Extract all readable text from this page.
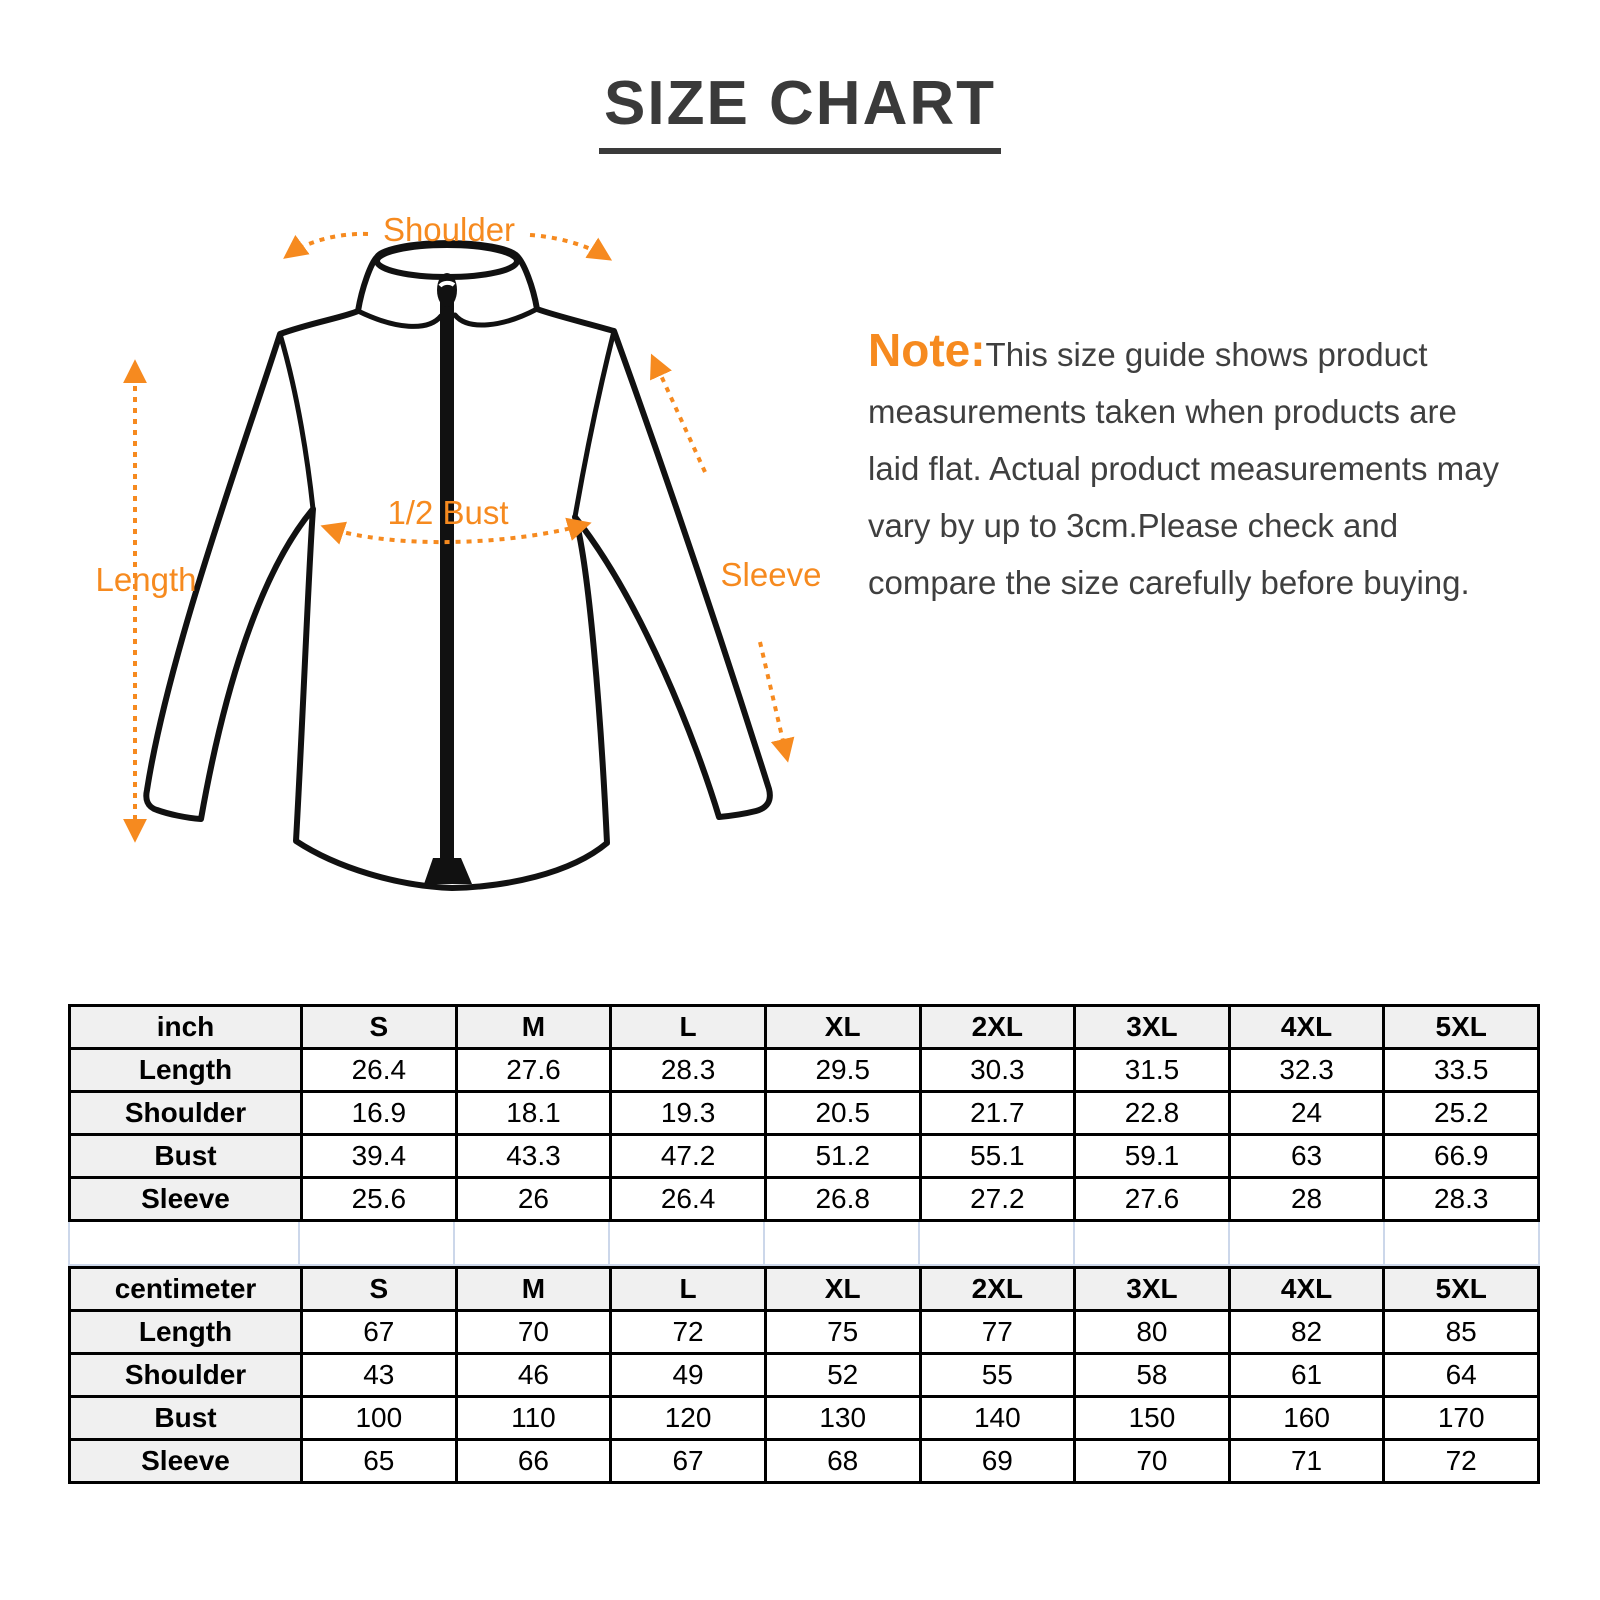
SIZE CHART
Shoulder
Length
1/2 Bust
Sleeve
Note:This size guide shows product measurements taken when products are laid flat. Actual product measurements may vary by up to 3cm.Please check and compare the size carefully before buying.
inch	S	M	L	XL	2XL	3XL	4XL	5XL
Length	26.4	27.6	28.3	29.5	30.3	31.5	32.3	33.5
Shoulder	16.9	18.1	19.3	20.5	21.7	22.8	24	25.2
Bust	39.4	43.3	47.2	51.2	55.1	59.1	63	66.9
Sleeve	25.6	26	26.4	26.8	27.2	27.6	28	28.3
centimeter	S	M	L	XL	2XL	3XL	4XL	5XL
Length	67	70	72	75	77	80	82	85
Shoulder	43	46	49	52	55	58	61	64
Bust	100	110	120	130	140	150	160	170
Sleeve	65	66	67	68	69	70	71	72
